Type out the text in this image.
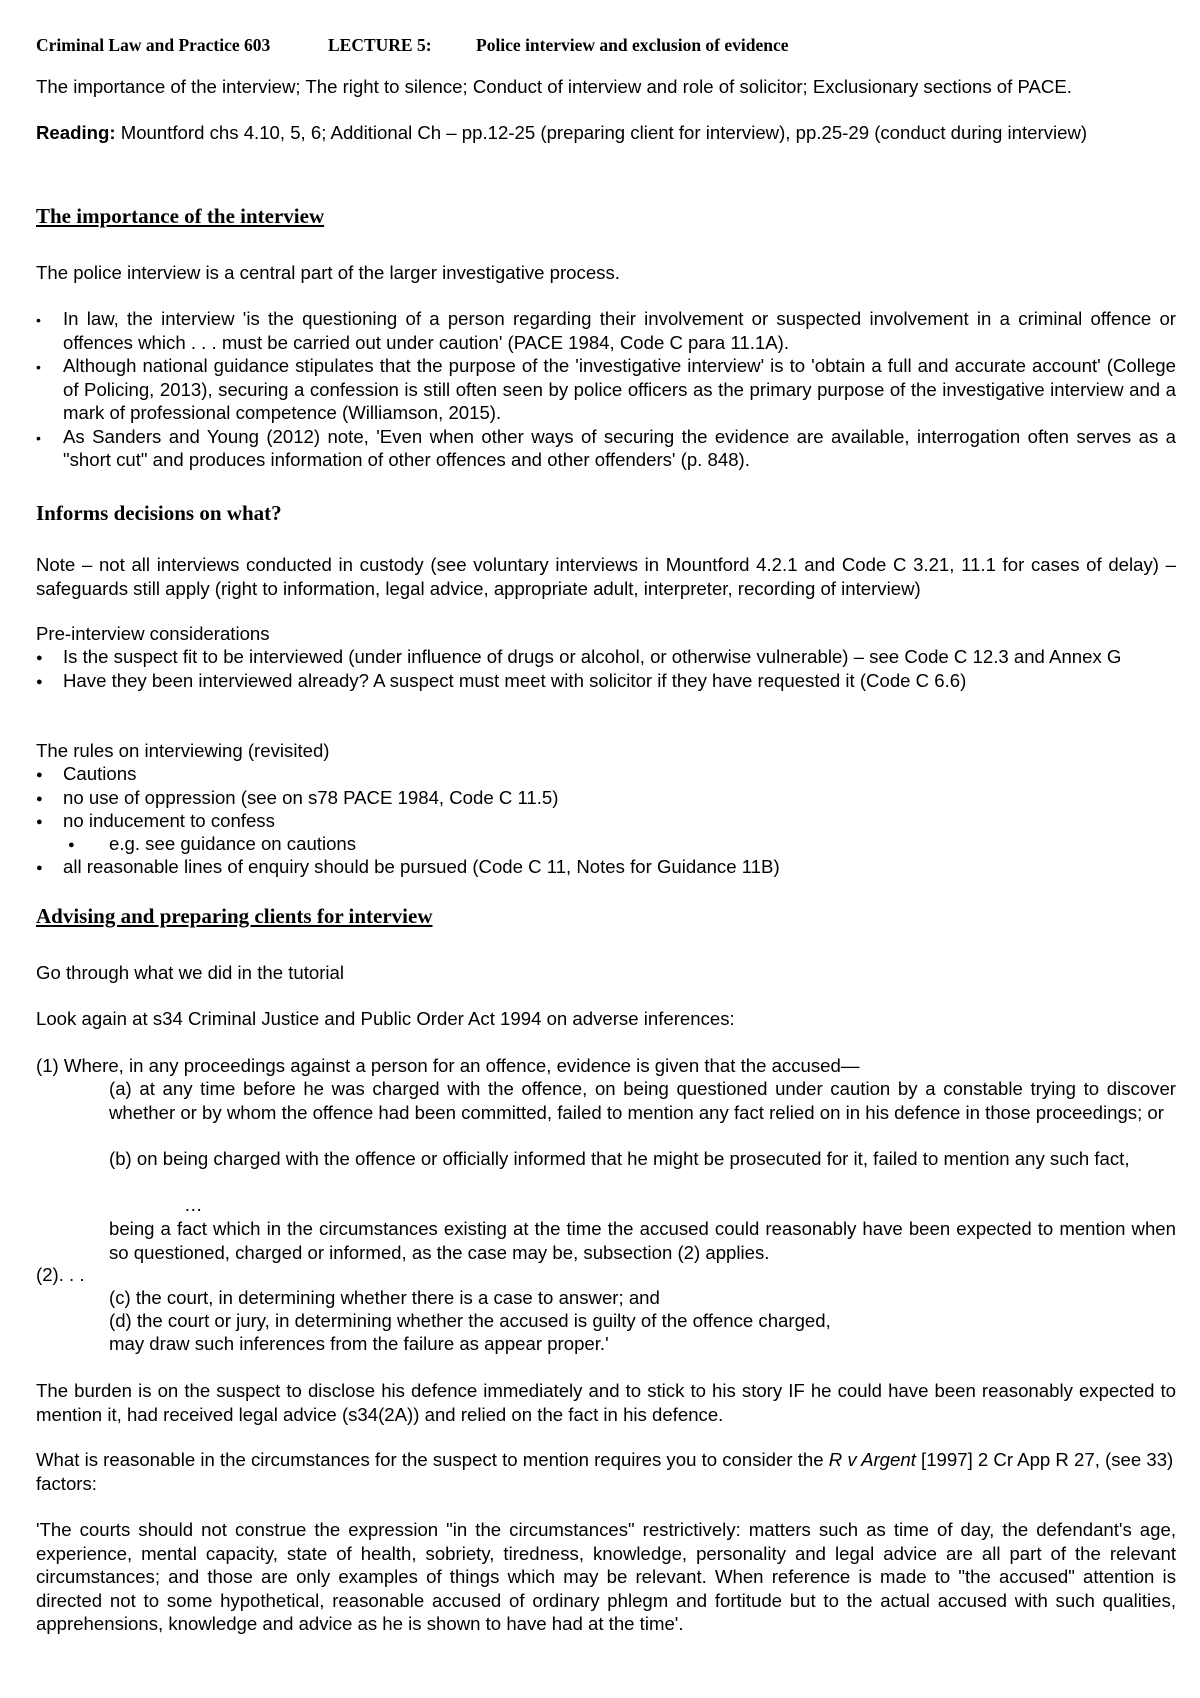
Criminal Law and Practice 603	LECTURE 5:	Police interview and exclusion of evidence
The importance of the interview; The right to silence; Conduct of interview and role of solicitor; Exclusionary sections of PACE.
Reading: Mountford chs 4.10, 5, 6; Additional Ch – pp.12-25 (preparing client for interview), pp.25-29 (conduct during interview)
The importance of the interview
The police interview is a central part of the larger investigative process.
•
In law, the interview 'is the questioning of a person regarding their involvement or suspected involvement in a criminal offence or offences which . . . must be carried out under caution' (PACE 1984, Code C para 11.1A).
•
Although national guidance stipulates that the purpose of the 'investigative interview' is to 'obtain a full and accurate account' (College of Policing, 2013), securing a confession is still often seen by police officers as the primary purpose of the investigative interview and a mark of professional competence (Williamson, 2015).
•
As Sanders and Young (2012) note, 'Even when other ways of securing the evidence are available, interrogation often serves as a "short cut" and produces information of other offences and other offenders' (p. 848).
Informs decisions on what?
Note – not all interviews conducted in custody (see voluntary interviews in Mountford 4.2.1 and Code C 3.21, 11.1 for cases of delay) – safeguards still apply (right to information, legal advice, appropriate adult, interpreter, recording of interview)
Pre-interview considerations
●
Is the suspect fit to be interviewed (under influence of drugs or alcohol, or otherwise vulnerable) – see Code C 12.3 and Annex G
●
Have they been interviewed already? A suspect must meet with solicitor if they have requested it (Code C 6.6)
The rules on interviewing (revisited)
●
Cautions
●
no use of oppression (see on s78 PACE 1984, Code C 11.5)
●
no inducement to confess
●
e.g. see guidance on cautions
●
all reasonable lines of enquiry should be pursued (Code C 11, Notes for Guidance 11B)
Advising and preparing clients for interview
Go through what we did in the tutorial
Look again at s34 Criminal Justice and Public Order Act 1994 on adverse inferences:
(1) Where, in any proceedings against a person for an offence, evidence is given that the accused—
(a) at any time before he was charged with the offence, on being questioned under caution by a constable trying to discover whether or by whom the offence had been committed, failed to mention any fact relied on in his defence in those proceedings; or
(b) on being charged with the offence or officially informed that he might be prosecuted for it, failed to mention any such fact,
…
being a fact which in the circumstances existing at the time the accused could reasonably have been expected to mention when so questioned, charged or informed, as the case may be, subsection (2) applies.
(2). . .
(c) the court, in determining whether there is a case to answer; and
(d) the court or jury, in determining whether the accused is guilty of the offence charged,
may draw such inferences from the failure as appear proper.'
The burden is on the suspect to disclose his defence immediately and to stick to his story IF he could have been reasonably expected to mention it, had received legal advice (s34(2A)) and relied on the fact in his defence.
What is reasonable in the circumstances for the suspect to mention requires you to consider the R v Argent [1997] 2 Cr App R 27, (see 33) factors:
'The courts should not construe the expression "in the circumstances" restrictively: matters such as time of day, the defendant's age, experience, mental capacity, state of health, sobriety, tiredness, knowledge, personality and legal advice are all part of the relevant circumstances; and those are only examples of things which may be relevant. When reference is made to "the accused" attention is directed not to some hypothetical, reasonable accused of ordinary phlegm and fortitude but to the actual accused with such qualities, apprehensions, knowledge and advice as he is shown to have had at the time'.
